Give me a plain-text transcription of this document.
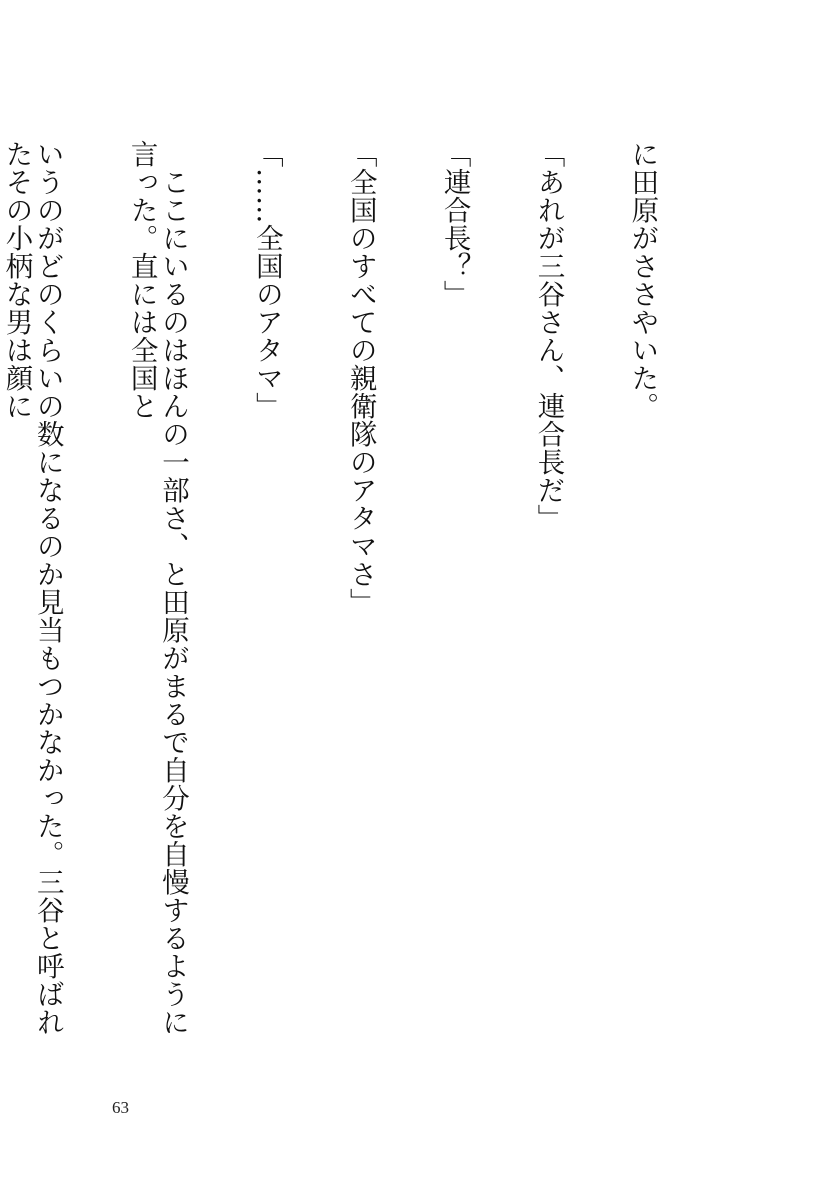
に田原がささやいた。

「あれが三谷さん、連合長だ」

「連合長？」

「全国のすべての親衛隊のアタマさ」

「……全国のアタマ」

　ここにいるのはほんの一部さ、と田原がまるで自分を自慢するように言った。直には全国と

いうのがどのくらいの数になるのか見当もつかなかった。三谷と呼ばれたその小柄な男は顔に

63
